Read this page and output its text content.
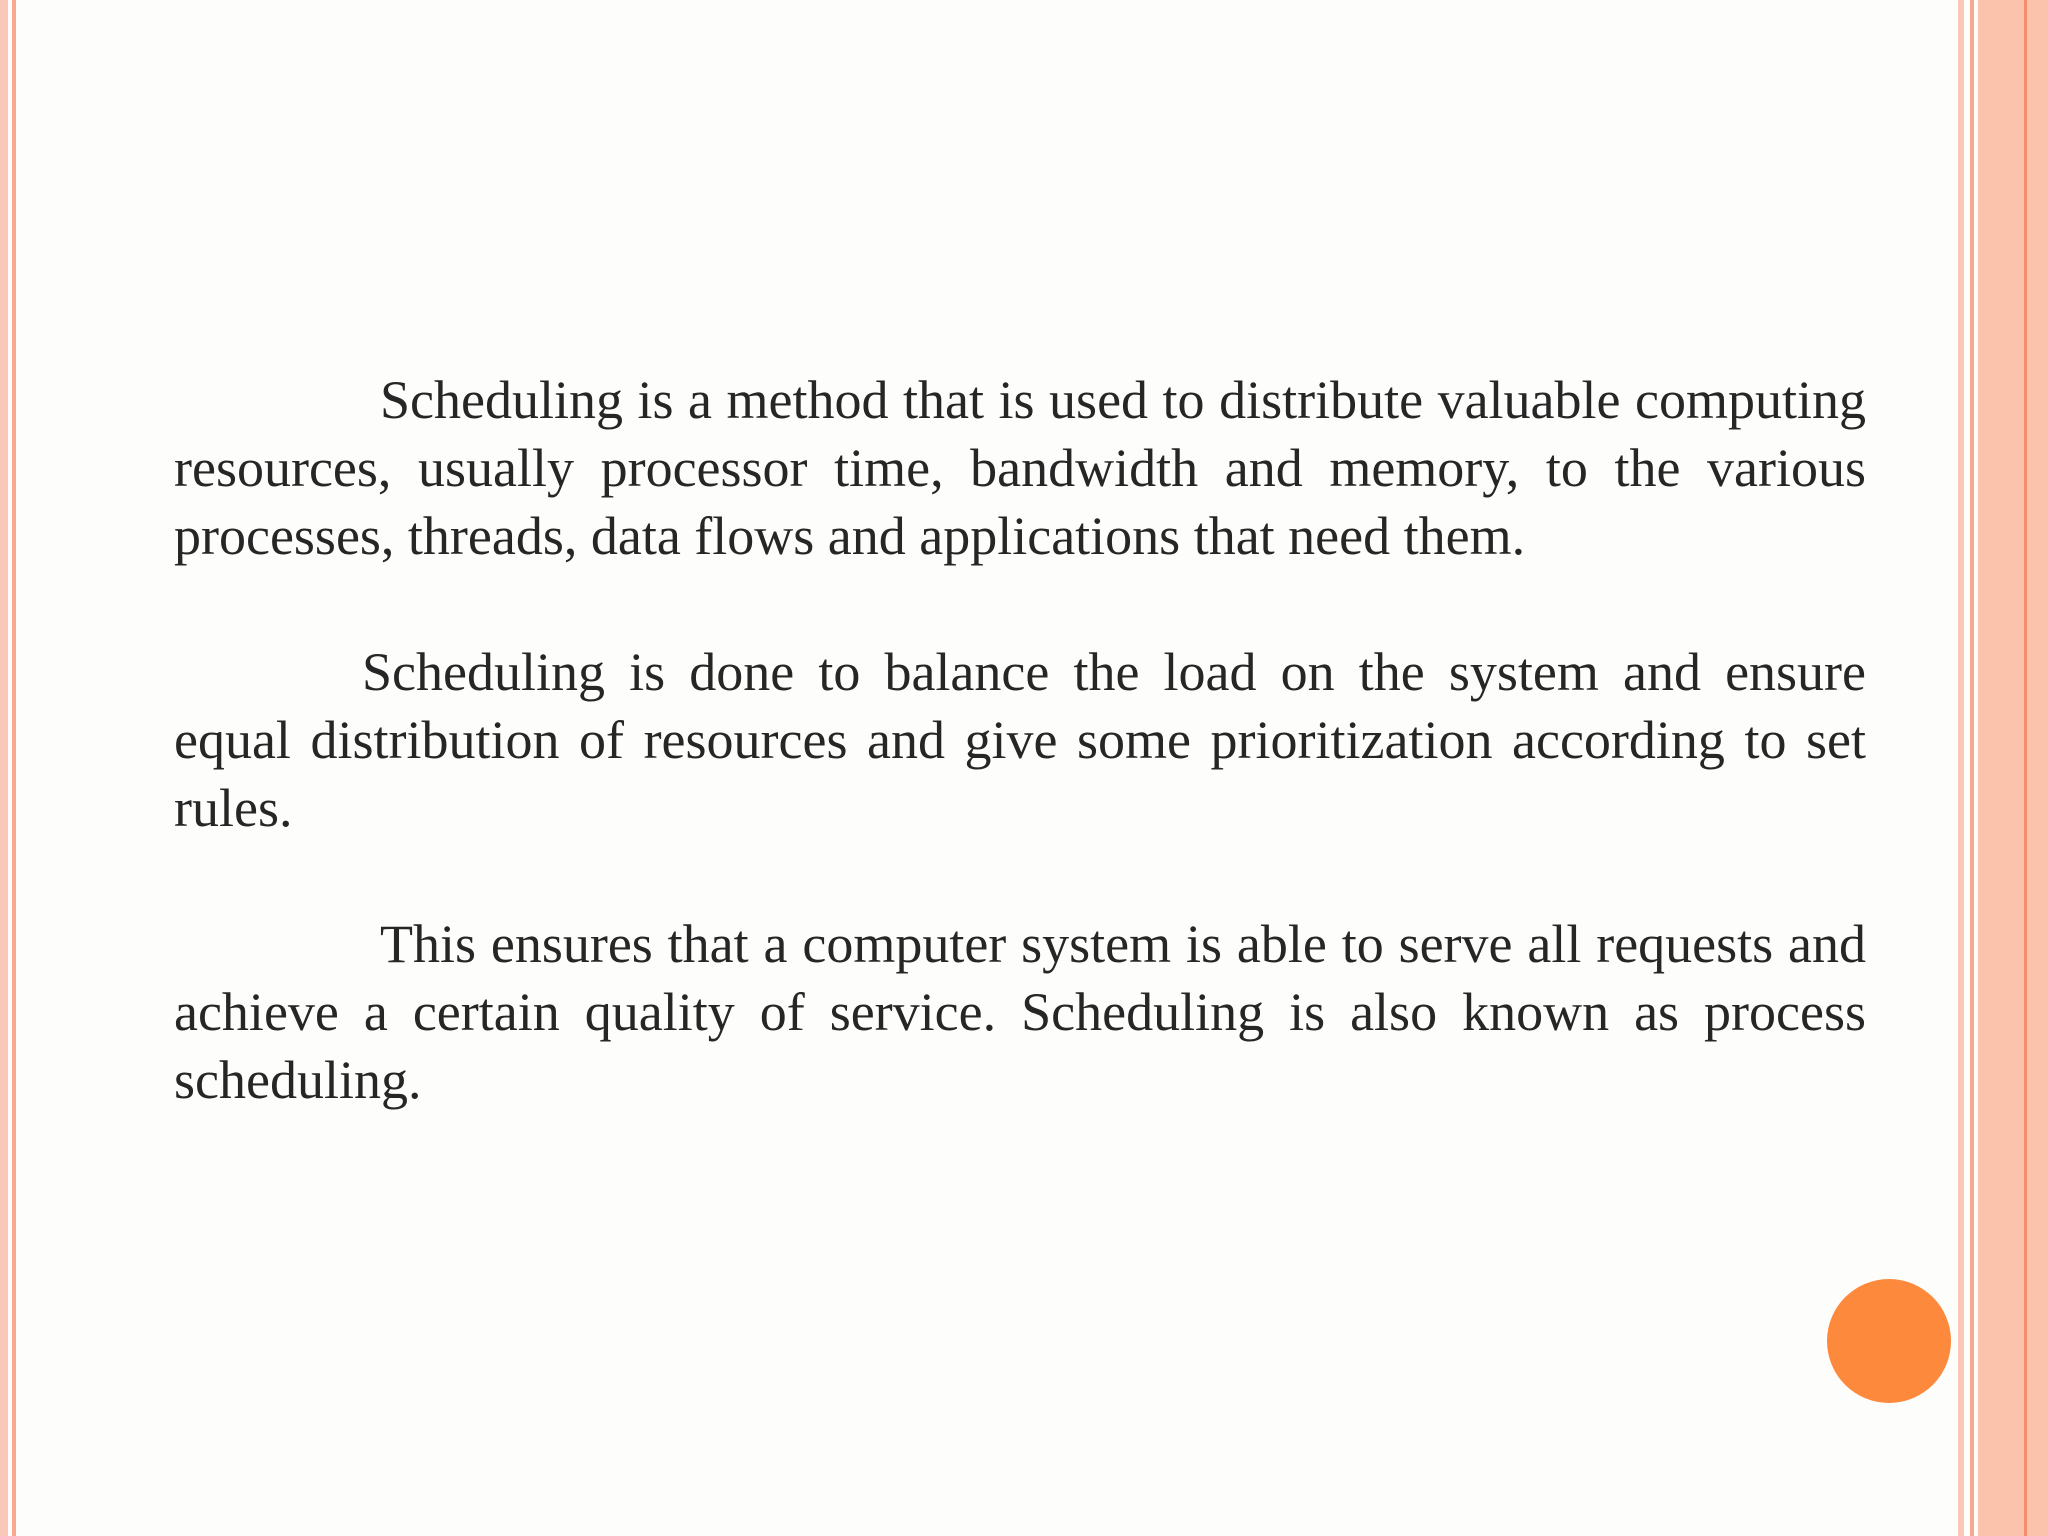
Scheduling is a method that is used to distribute valuable computing resources, usually processor time, bandwidth and memory, to the various processes, threads, data flows and applications that need them.

Scheduling is done to balance the load on the system and ensure equal distribution of resources and give some prioritization according to set rules.

This ensures that a computer system is able to serve all requests and achieve a certain quality of service. Scheduling is also known as process scheduling.
